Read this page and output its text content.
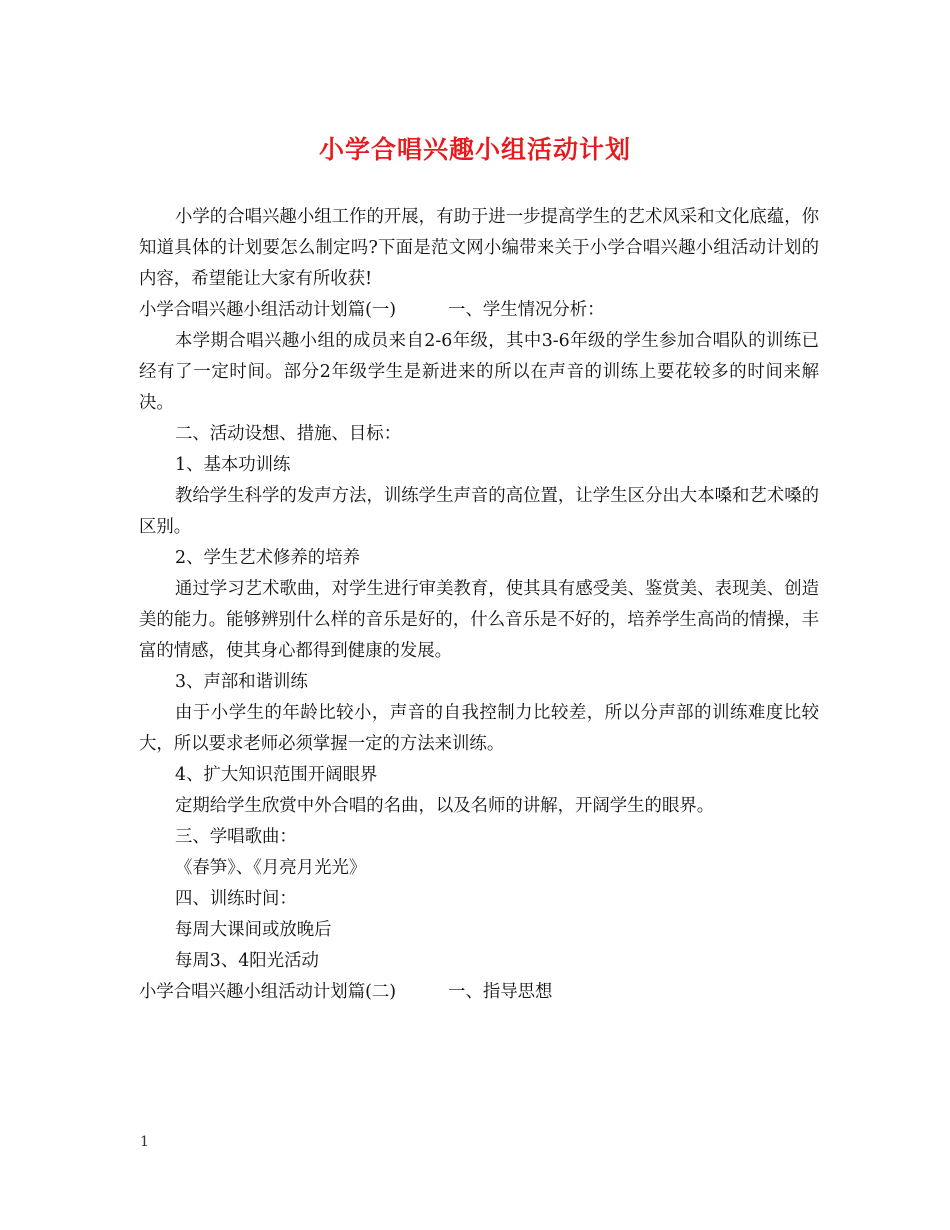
小学合唱兴趣小组活动计划

小学的合唱兴趣小组工作的开展，有助于进一步提高学生的艺术风采和文化底蕴，你知道具体的计划要怎么制定吗?下面是范文网小编带来关于小学合唱兴趣小组活动计划的内容，希望能让大家有所收获!

小学合唱兴趣小组活动计划篇(一)	一、学生情况分析：

本学期合唱兴趣小组的成员来自2-6年级，其中3-6年级的学生参加合唱队的训练已经有了一定时间。部分2年级学生是新进来的所以在声音的训练上要花较多的时间来解决。

二、活动设想、措施、目标：

1、基本功训练

教给学生科学的发声方法，训练学生声音的高位置，让学生区分出大本嗓和艺术嗓的区别。

2、学生艺术修养的培养

通过学习艺术歌曲，对学生进行审美教育，使其具有感受美、鉴赏美、表现美、创造美的能力。能够辨别什么样的音乐是好的，什么音乐是不好的，培养学生高尚的情操，丰富的情感，使其身心都得到健康的发展。

3、声部和谐训练

由于小学生的年龄比较小，声音的自我控制力比较差，所以分声部的训练难度比较大，所以要求老师必须掌握一定的方法来训练。

4、扩大知识范围开阔眼界

定期给学生欣赏中外合唱的名曲，以及名师的讲解，开阔学生的眼界。

三、学唱歌曲：

《春笋》、《月亮月光光》

四、训练时间：

每周大课间或放晚后

每周3、4阳光活动

小学合唱兴趣小组活动计划篇(二)	一、指导思想

1
